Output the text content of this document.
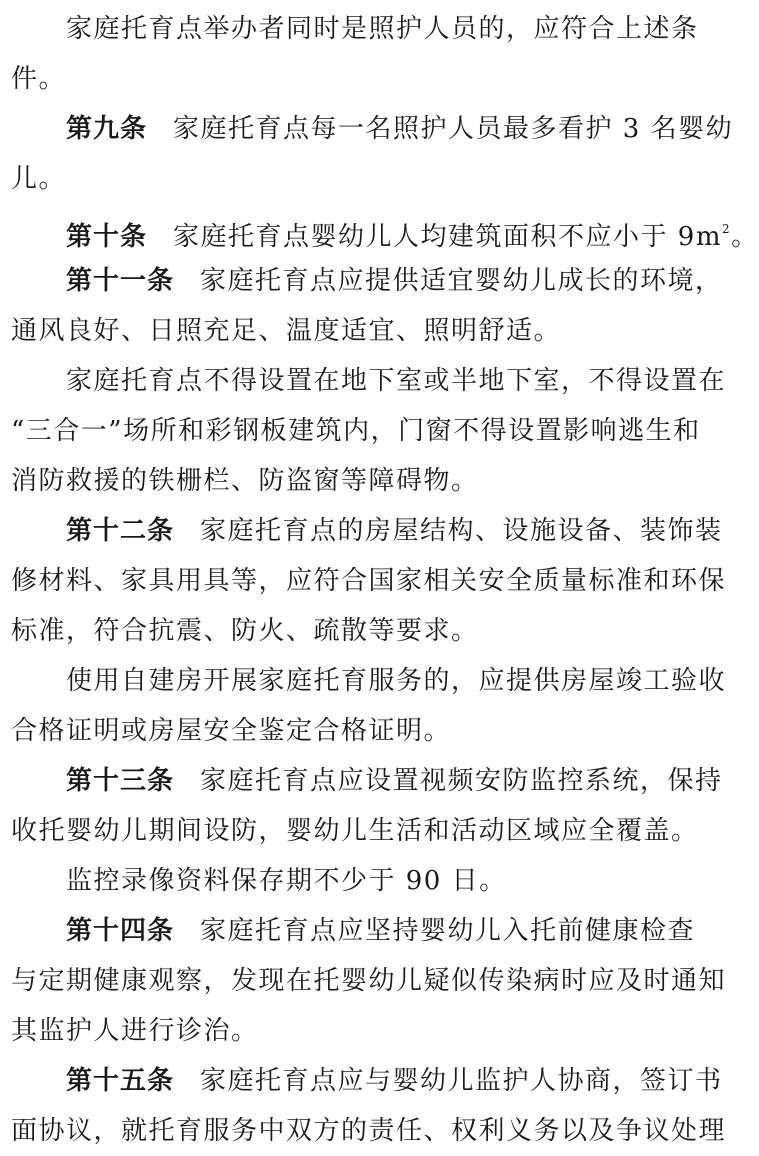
家庭托育点举办者同时是照护人员的，应符合上述条
件。

第九条 家庭托育点每一名照护人员最多看护 3 名婴幼
儿。

第十条 家庭托育点婴幼儿人均建筑面积不应小于 $9m^2$。

第十一条 家庭托育点应提供适宜婴幼儿成长的环境，
通风良好、日照充足、温度适宜、照明舒适。

家庭托育点不得设置在地下室或半地下室，不得设置在
“三合一”场所和彩钢板建筑内，门窗不得设置影响逃生和
消防救援的铁栅栏、防盗窗等障碍物。

第十二条 家庭托育点的房屋结构、设施设备、装饰装
修材料、家具用具等，应符合国家相关安全质量标准和环保
标准，符合抗震、防火、疏散等要求。

使用自建房开展家庭托育服务的，应提供房屋竣工验收
合格证明或房屋安全鉴定合格证明。

第十三条 家庭托育点应设置视频安防监控系统，保持
收托婴幼儿期间设防，婴幼儿生活和活动区域应全覆盖。

监控录像资料保存期不少于 90 日。

第十四条 家庭托育点应坚持婴幼儿入托前健康检查
与定期健康观察，发现在托婴幼儿疑似传染病时应及时通知
其监护人进行诊治。

第十五条 家庭托育点应与婴幼儿监护人协商，签订书
面协议，就托育服务中双方的责任、权利义务以及争议处理
